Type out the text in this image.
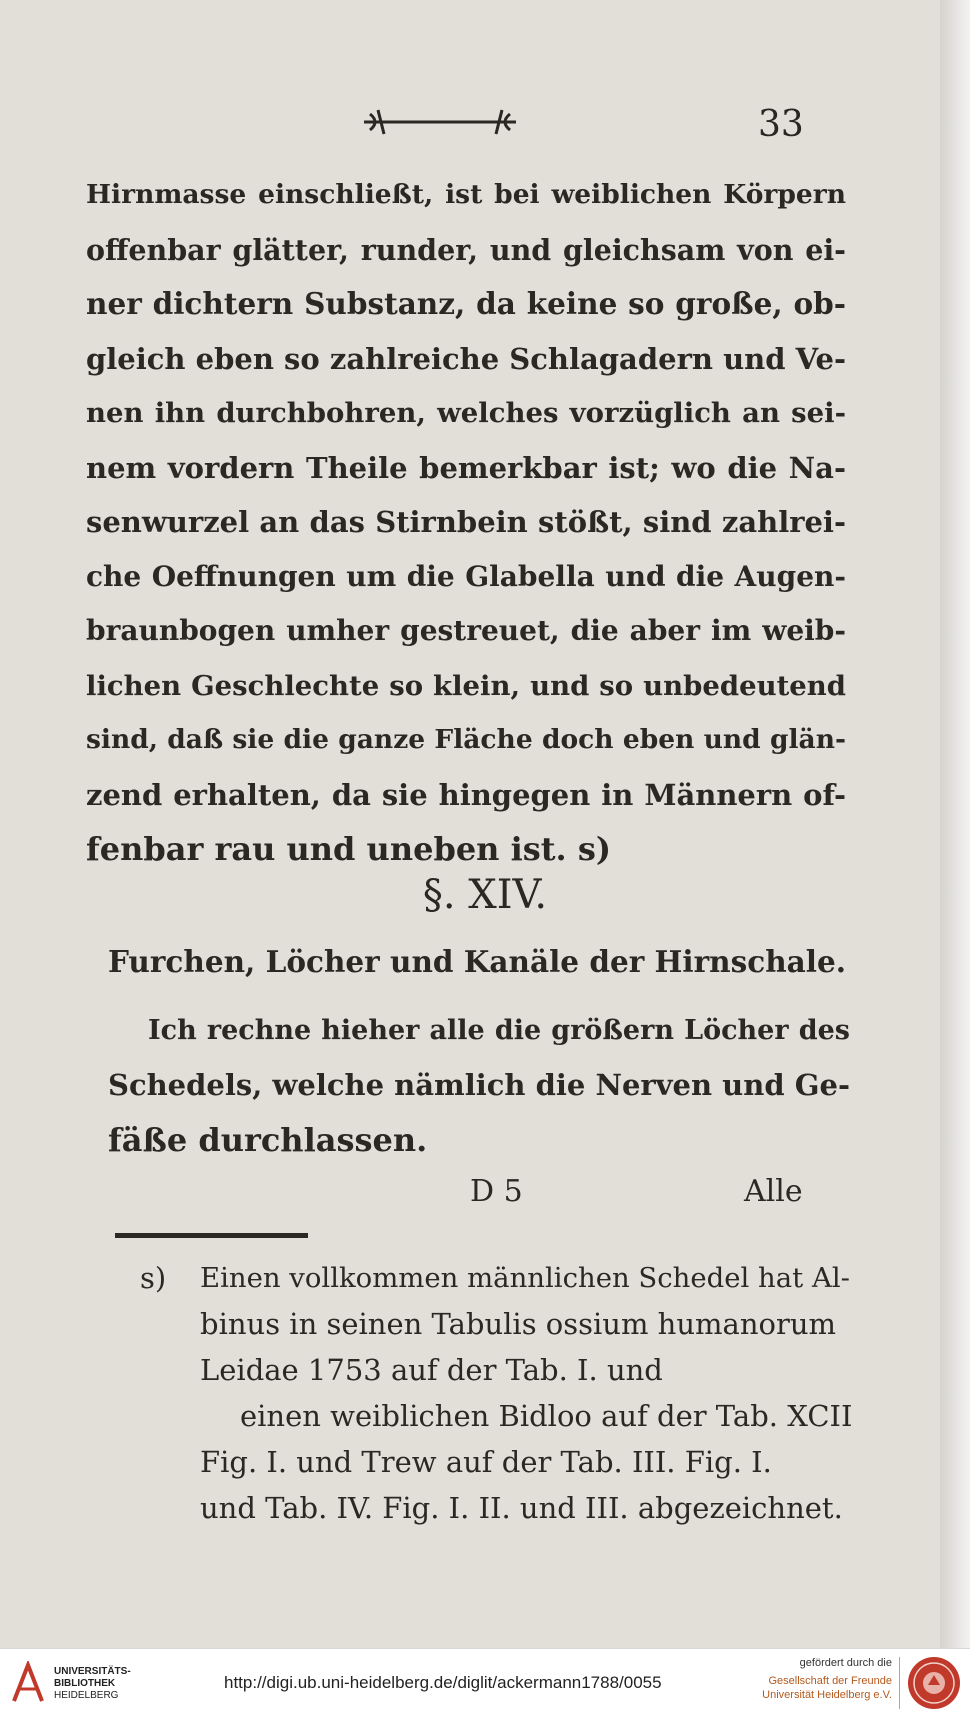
33
Hirnmasse einschließt, ist bei weiblichen Körpern
offenbar glätter, runder, und gleichsam von ei-
ner dichtern Substanz, da keine so große, ob-
gleich eben so zahlreiche Schlagadern und Ve-
nen ihn durchbohren, welches vorzüglich an sei-
nem vordern Theile bemerkbar ist; wo die Na-
senwurzel an das Stirnbein stößt, sind zahlrei-
che Oeffnungen um die Glabella und die Augen-
braunbogen umher gestreuet, die aber im weib-
lichen Geschlechte so klein, und so unbedeutend
sind, daß sie die ganze Fläche doch eben und glän-
zend erhalten, da sie hingegen in Männern of-
fenbar rau und uneben ist. s)
§. XIV.
Furchen, Löcher und Kanäle der Hirnschale.
Ich rechne hieher alle die größern Löcher des
Schedels, welche nämlich die Nerven und Ge-
fäße durchlassen.
D 5	Alle
s)	Einen vollkommen männlichen Schedel hat Al-
binus in seinen Tabulis ossium humanorum
Leidae 1753 auf der Tab. I. und
einen weiblichen Bidloo auf der Tab. XCII
Fig. I. und Trew auf der Tab. III. Fig. I.
und Tab. IV. Fig. I. II. und III. abgezeichnet.
UNIVERSITÄTS-
BIBLIOTHEK
HEIDELBERG
http://digi.ub.uni-heidelberg.de/diglit/ackermann1788/0055
gefördert durch die
Gesellschaft der Freunde
Universität Heidelberg e.V.
